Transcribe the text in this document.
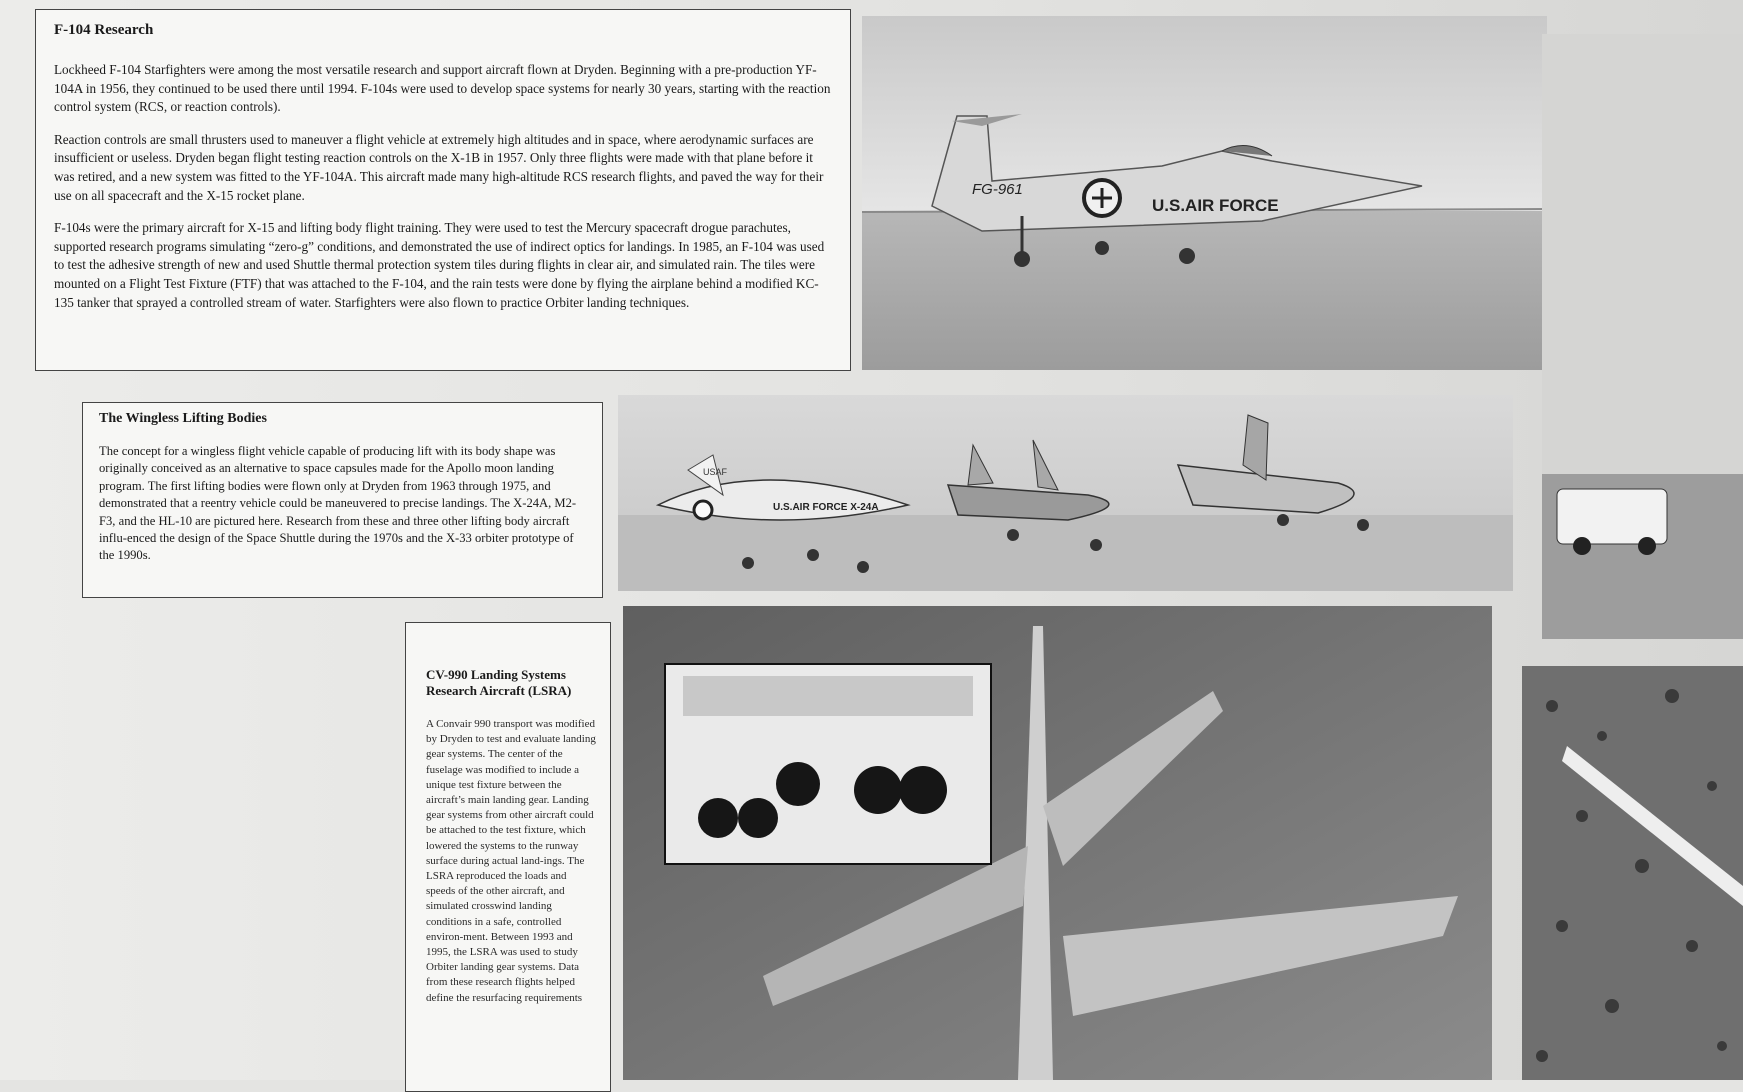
F-104 Research

Lockheed F-104 Starfighters were among the most versatile research and support aircraft flown at Dryden. Beginning with a pre-production YF-104A in 1956, they continued to be used there until 1994. F-104s were used to develop space systems for nearly 30 years, starting with the reaction control system (RCS, or reaction controls).

Reaction controls are small thrusters used to maneuver a flight vehicle at extremely high altitudes and in space, where aerodynamic surfaces are insufficient or useless. Dryden began flight testing reaction controls on the X-1B in 1957. Only three flights were made with that plane before it was retired, and a new system was fitted to the YF-104A. This aircraft made many high-altitude RCS research flights, and paved the way for their use on all spacecraft and the X-15 rocket plane.

F-104s were the primary aircraft for X-15 and lifting body flight training. They were used to test the Mercury spacecraft drogue parachutes, supported research programs simulating “zero-g” conditions, and demonstrated the use of indirect optics for landings. In 1985, an F-104 was used to test the adhesive strength of new and used Shuttle thermal protection system tiles during flights in clear air, and simulated rain. The tiles were mounted on a Flight Test Fixture (FTF) that was attached to the F-104, and the rain tests were done by flying the airplane behind a modified KC-135 tanker that sprayed a controlled stream of water. Starfighters were also flown to practice Orbiter landing techniques.

FG-961
U.S.AIR FORCE
The Wingless Lifting Bodies

The concept for a wingless flight vehicle capable of producing lift with its body shape was originally conceived as an alternative to space capsules made for the Apollo moon landing program. The first lifting bodies were flown only at Dryden from 1963 through 1975, and demonstrated that a reentry vehicle could be maneuvered to precise landings. The X-24A, M2-F3, and the HL-10 are pictured here. Research from these and three other lifting body aircraft influ-enced the design of the Space Shuttle during the 1970s and the X-33 orbiter prototype of the 1990s.

USAF
U.S.AIR FORCE X-24A
CV-990 Landing Systems Research Aircraft (LSRA)

A Convair 990 transport was modified by Dryden to test and evaluate landing gear systems. The center of the fuselage was modified to include a unique test fixture between the aircraft’s main landing gear. Landing gear systems from other aircraft could be attached to the test fixture, which lowered the systems to the runway surface during actual land-ings. The LSRA reproduced the loads and speeds of the other aircraft, and simulated crosswind landing conditions in a safe, controlled environ-ment. Between 1993 and 1995, the LSRA was used to study Orbiter landing gear systems. Data from these research flights helped define the resurfacing requirements
